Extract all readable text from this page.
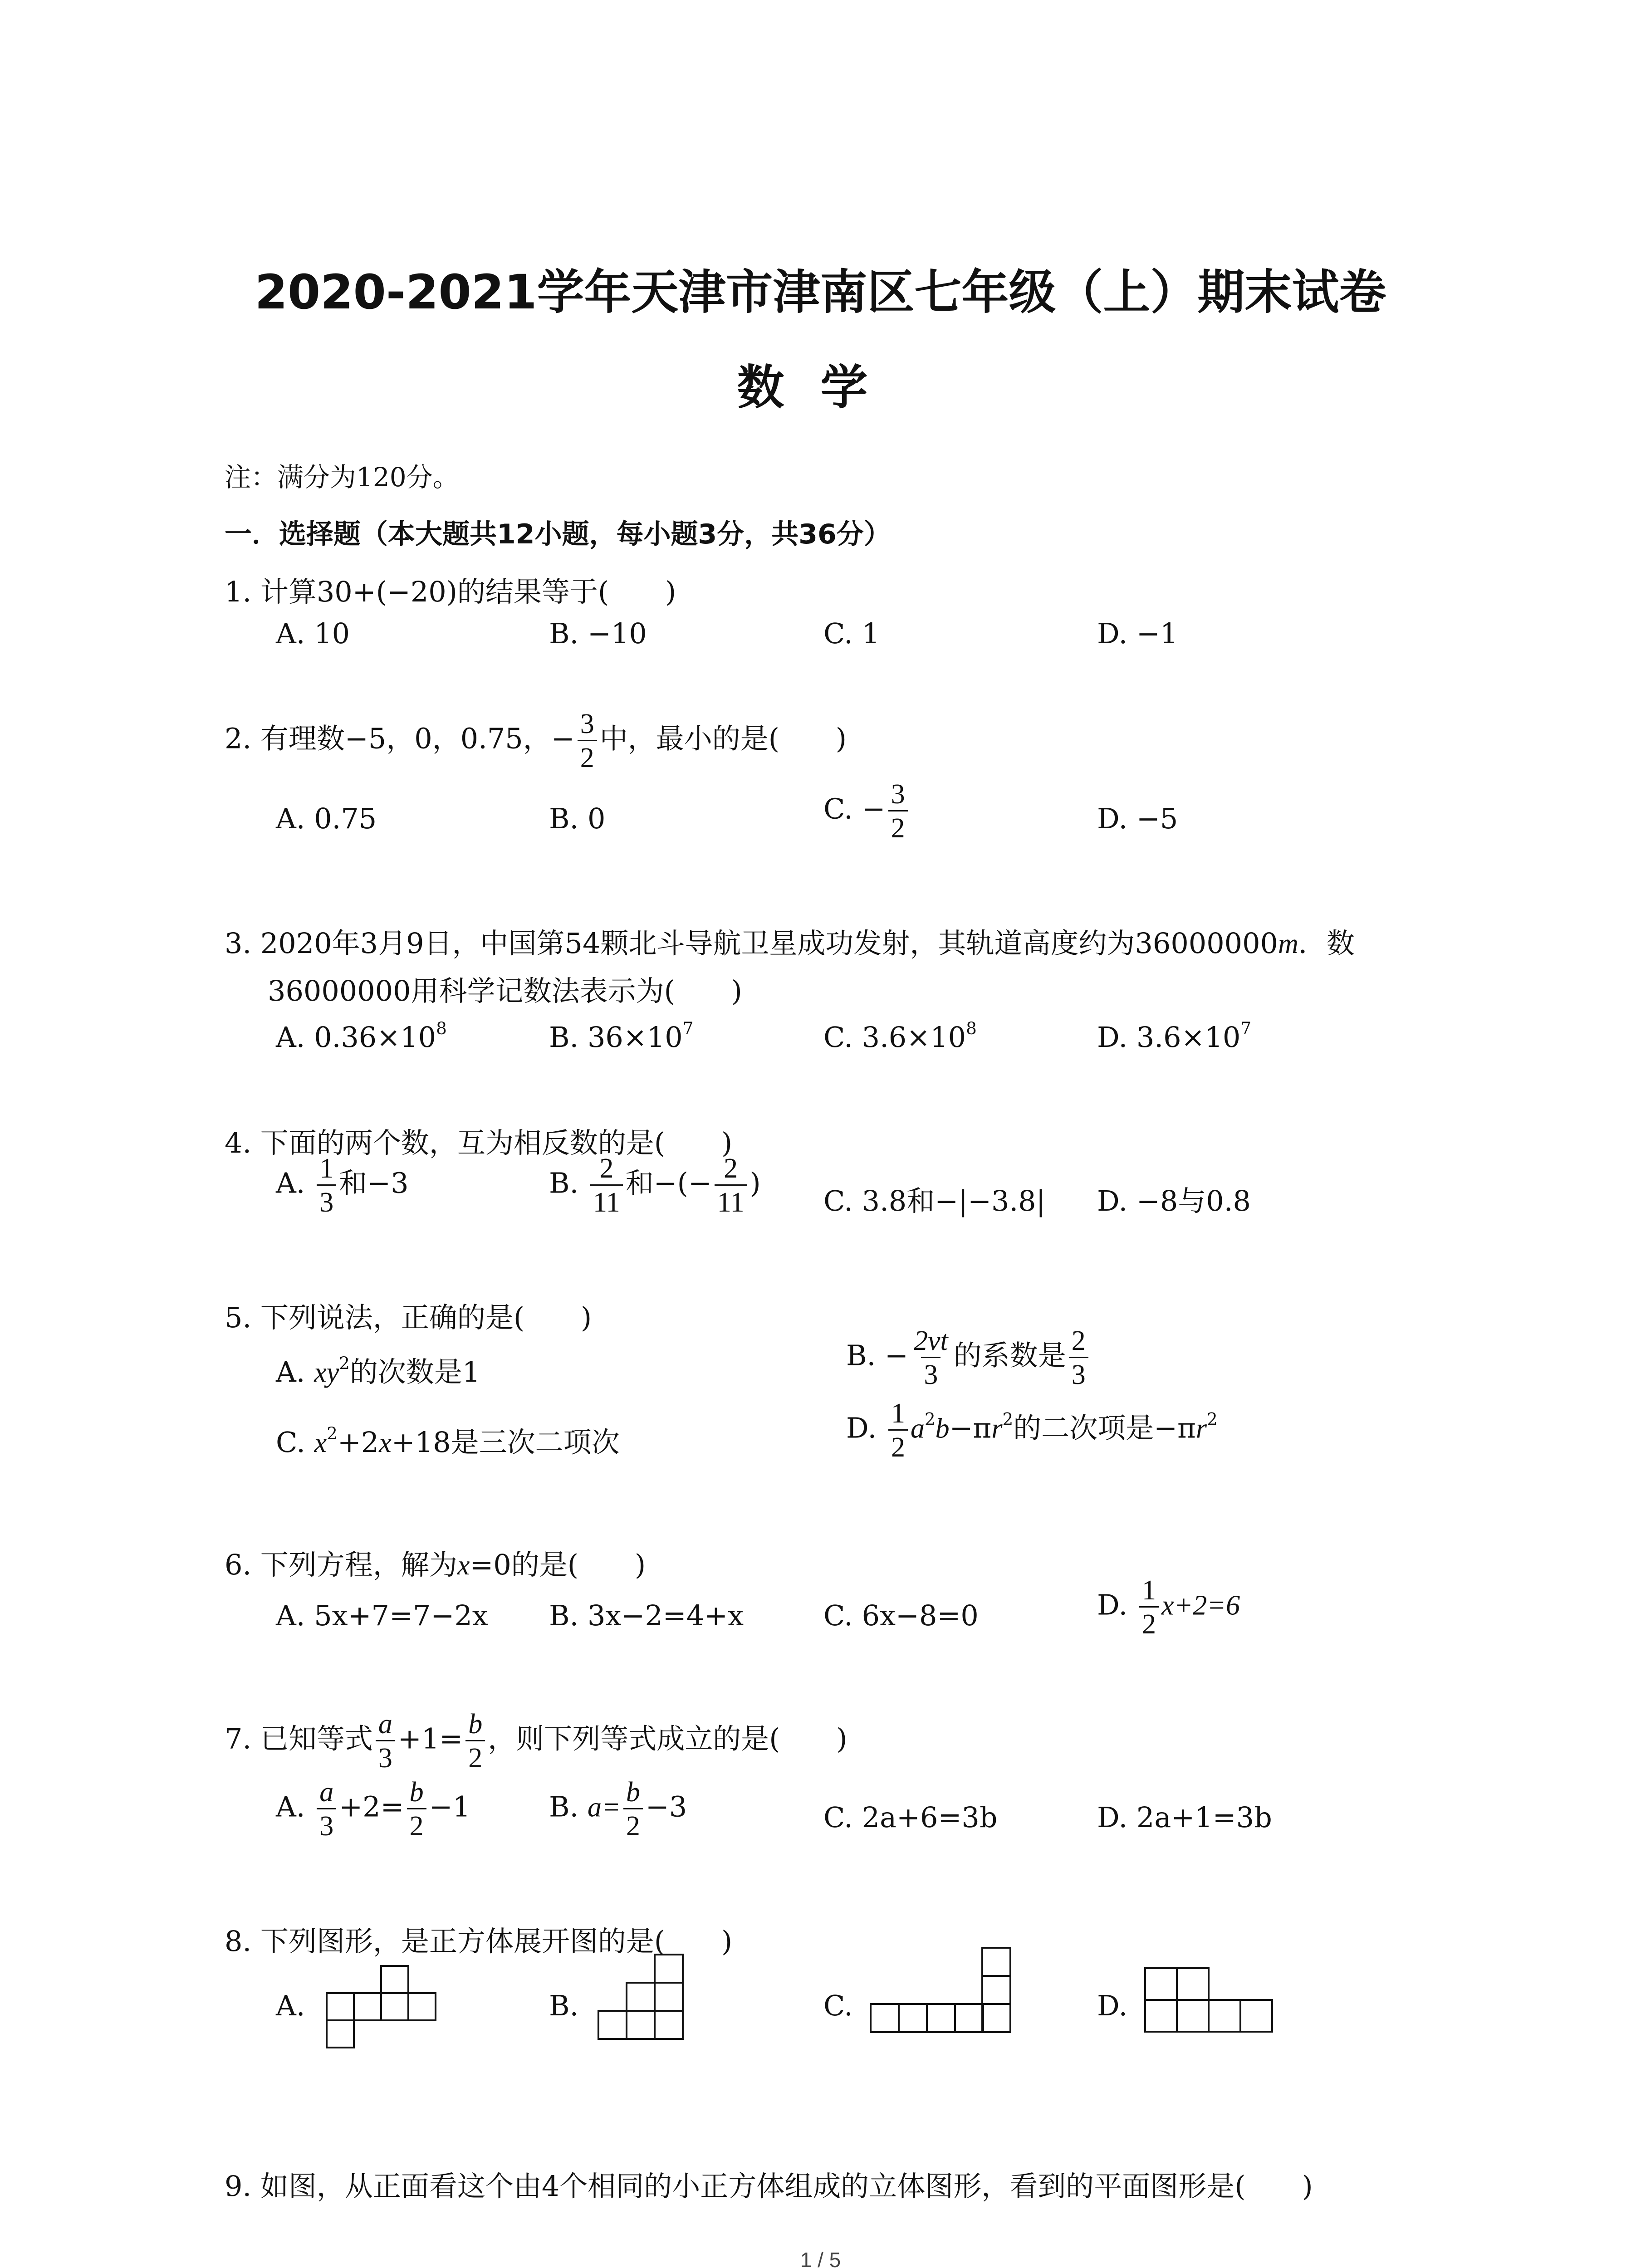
2020-2021学年天津市津南区七年级（上）期末试卷
数学
注：满分为120分。
一．选择题（本大题共12小题，每小题3分，共36分）
1. 计算30+(−20)的结果等于(　　)
A. 10	B. −10	C. 1	D. −1
2. 有理数−5，0，0.75，− $\frac{3}{2}$ 中，最小的是(　　)
A. 0.75	B. 0	C. − $\frac{3}{2}$	D. −5
3. 2020年3月9日，中国第54颗北斗导航卫星成功发射，其轨道高度约为36000000m．数
36000000用科学记数法表示为(　　)
A. $0.36\times 10^8$	B. $36\times 10^7$	C. $3.6\times 10^8$	D. $3.6\times 10^7$
4. 下面的两个数，互为相反数的是(　　)
A. $\frac{1}{3}$ 和−3	B. $\frac{2}{11}$ 和−(− $\frac{2}{11}$ )
C. 3.8和−|−3.8| D. −8与0.8
5. 下列说法，正确的是(　　)
A. $xy^2$的次数是1	B. − $\frac{2vt}{3}$ 的系数是 $\frac{2}{3}$
C. $x^2+2x+18$是三次二项次	D. $\frac{1}{2} a^2b-\pi r^2$的二次项是$-\pi r^2$
6. 下列方程，解为x=0的是(　　)
A. 5x+7=7−2x B. 3x−2=4+x	C. 6x−8=0	D. $\frac{1}{2} x+2=6$
7. 已知等式 $\frac{a}{3} +1= \frac{b}{2}$ ，则下列等式成立的是(　　)
A. $\frac{a}{3} +2= \frac{b}{2} -1$	B. $a= \frac{b}{2} -3$	C. 2a+6=3b	D. 2a+1=3b
8. 下列图形，是正方体展开图的是(　　)
A.	B.	C.	D.
9. 如图，从正面看这个由4个相同的小正方体组成的立体图形，看到的平面图形是(　　)
1 / 5
